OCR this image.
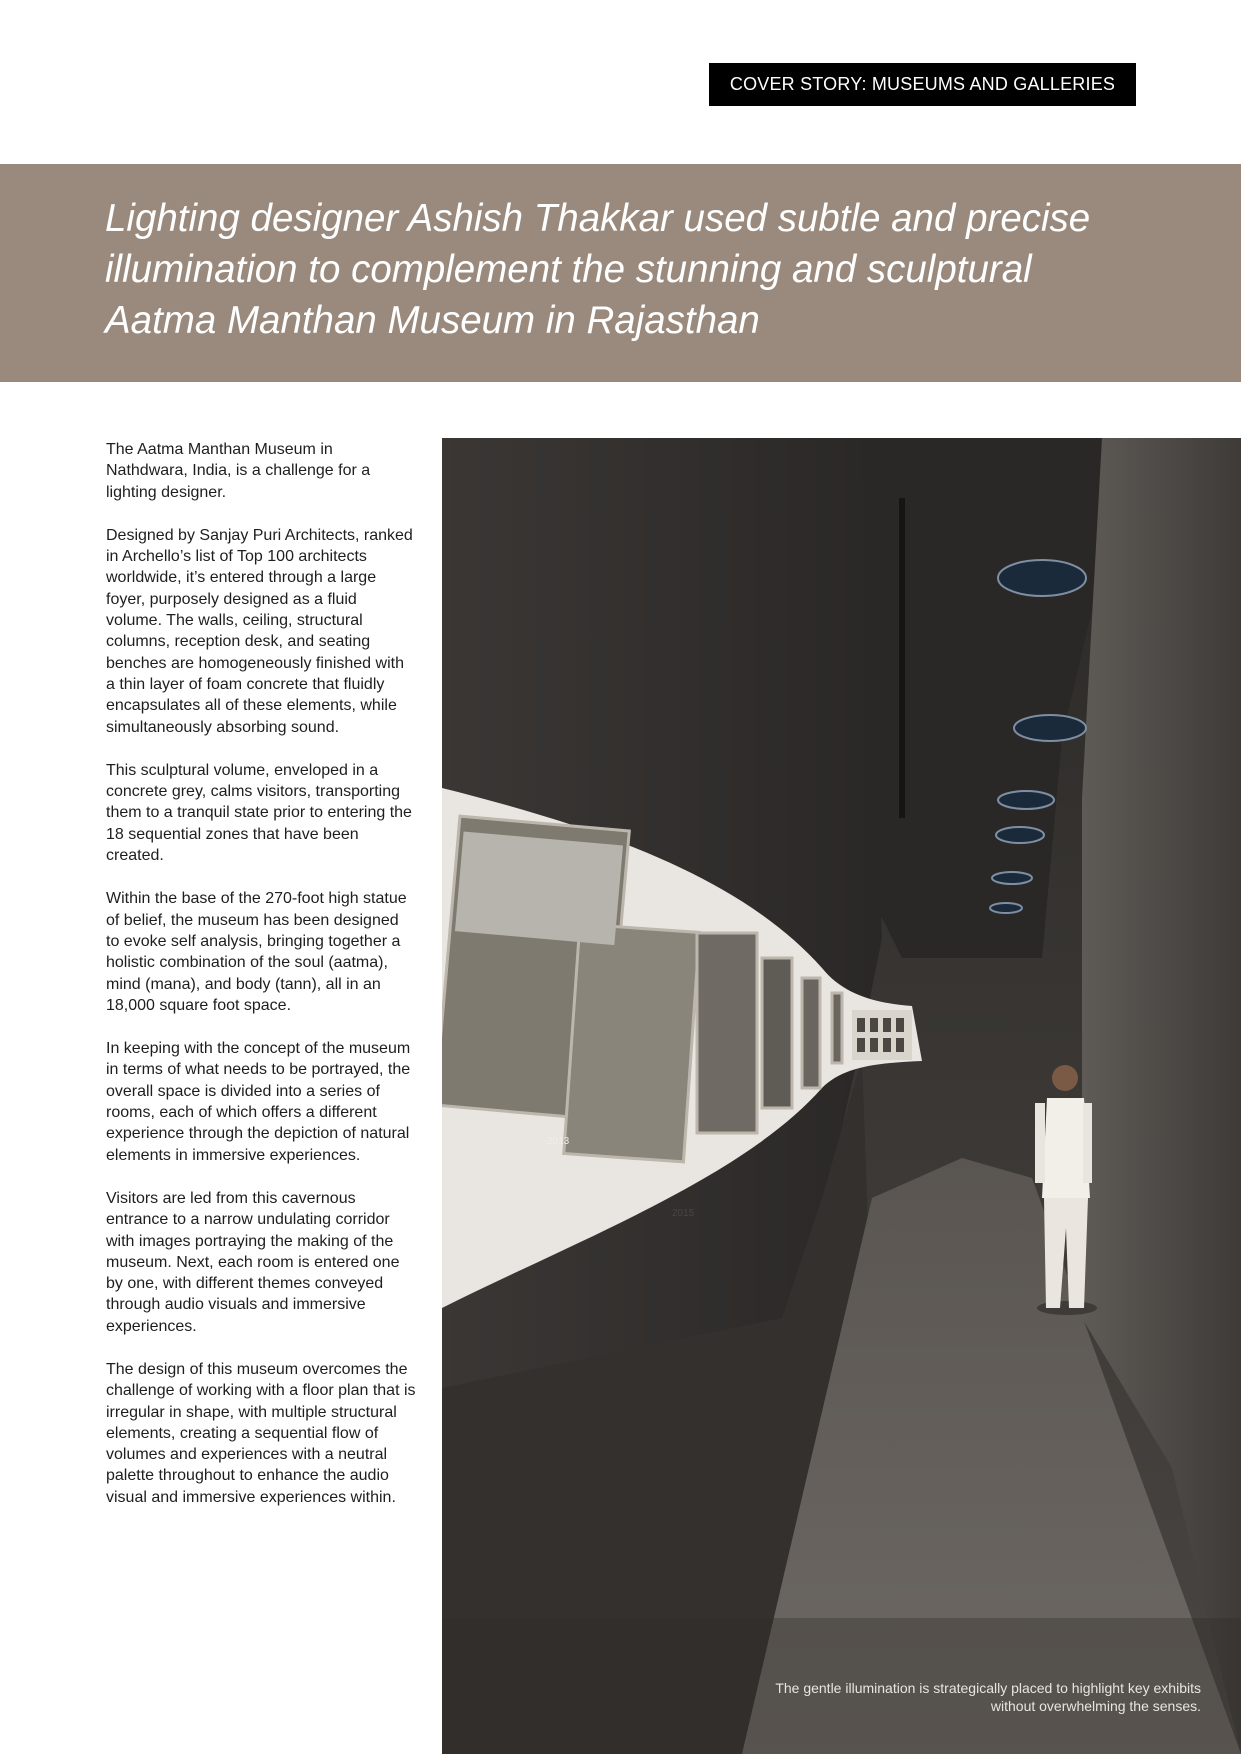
COVER STORY: MUSEUMS AND GALLERIES
Lighting designer Ashish Thakkar used subtle and precise
illumination to complement the stunning and sculptural
Aatma Manthan Museum in Rajasthan

The Aatma Manthan Museum in Nathdwara, India, is a challenge for a lighting designer.

Designed by Sanjay Puri Architects, ranked in Archello’s list of Top 100 architects worldwide, it’s entered through a large foyer, purposely designed as a fluid volume. The walls, ceiling, structural columns, reception desk, and seating benches are homogeneously finished with a thin layer of foam concrete that fluidly encapsulates all of these elements, while simultaneously absorbing sound.

This sculptural volume, enveloped in a concrete grey, calms visitors, transporting them to a tranquil state prior to entering the 18 sequential zones that have been created.

Within the base of the 270-foot high statue of belief, the museum has been designed to evoke self analysis, bringing together a holistic combination of the soul (aatma), mind (mana), and body (tann), all in an 18,000 square foot space.

In keeping with the concept of the museum in terms of what needs to be portrayed, the overall space is divided into a series of rooms, each of which offers a different experience through the depiction of natural elements in immersive experiences.

Visitors are led from this cavernous entrance to a narrow undulating corridor with images portraying the making of the museum. Next, each room is entered one by one, with different themes conveyed through audio visuals and immersive experiences.

The design of this museum overcomes the challenge of working with a floor plan that is irregular in shape, with multiple structural elements, creating a sequential flow of volumes and experiences with a neutral palette throughout to enhance the audio visual and immersive experiences within.

2013
2015
The gentle illumination is strategically placed to highlight key exhibits
without overwhelming the senses.
